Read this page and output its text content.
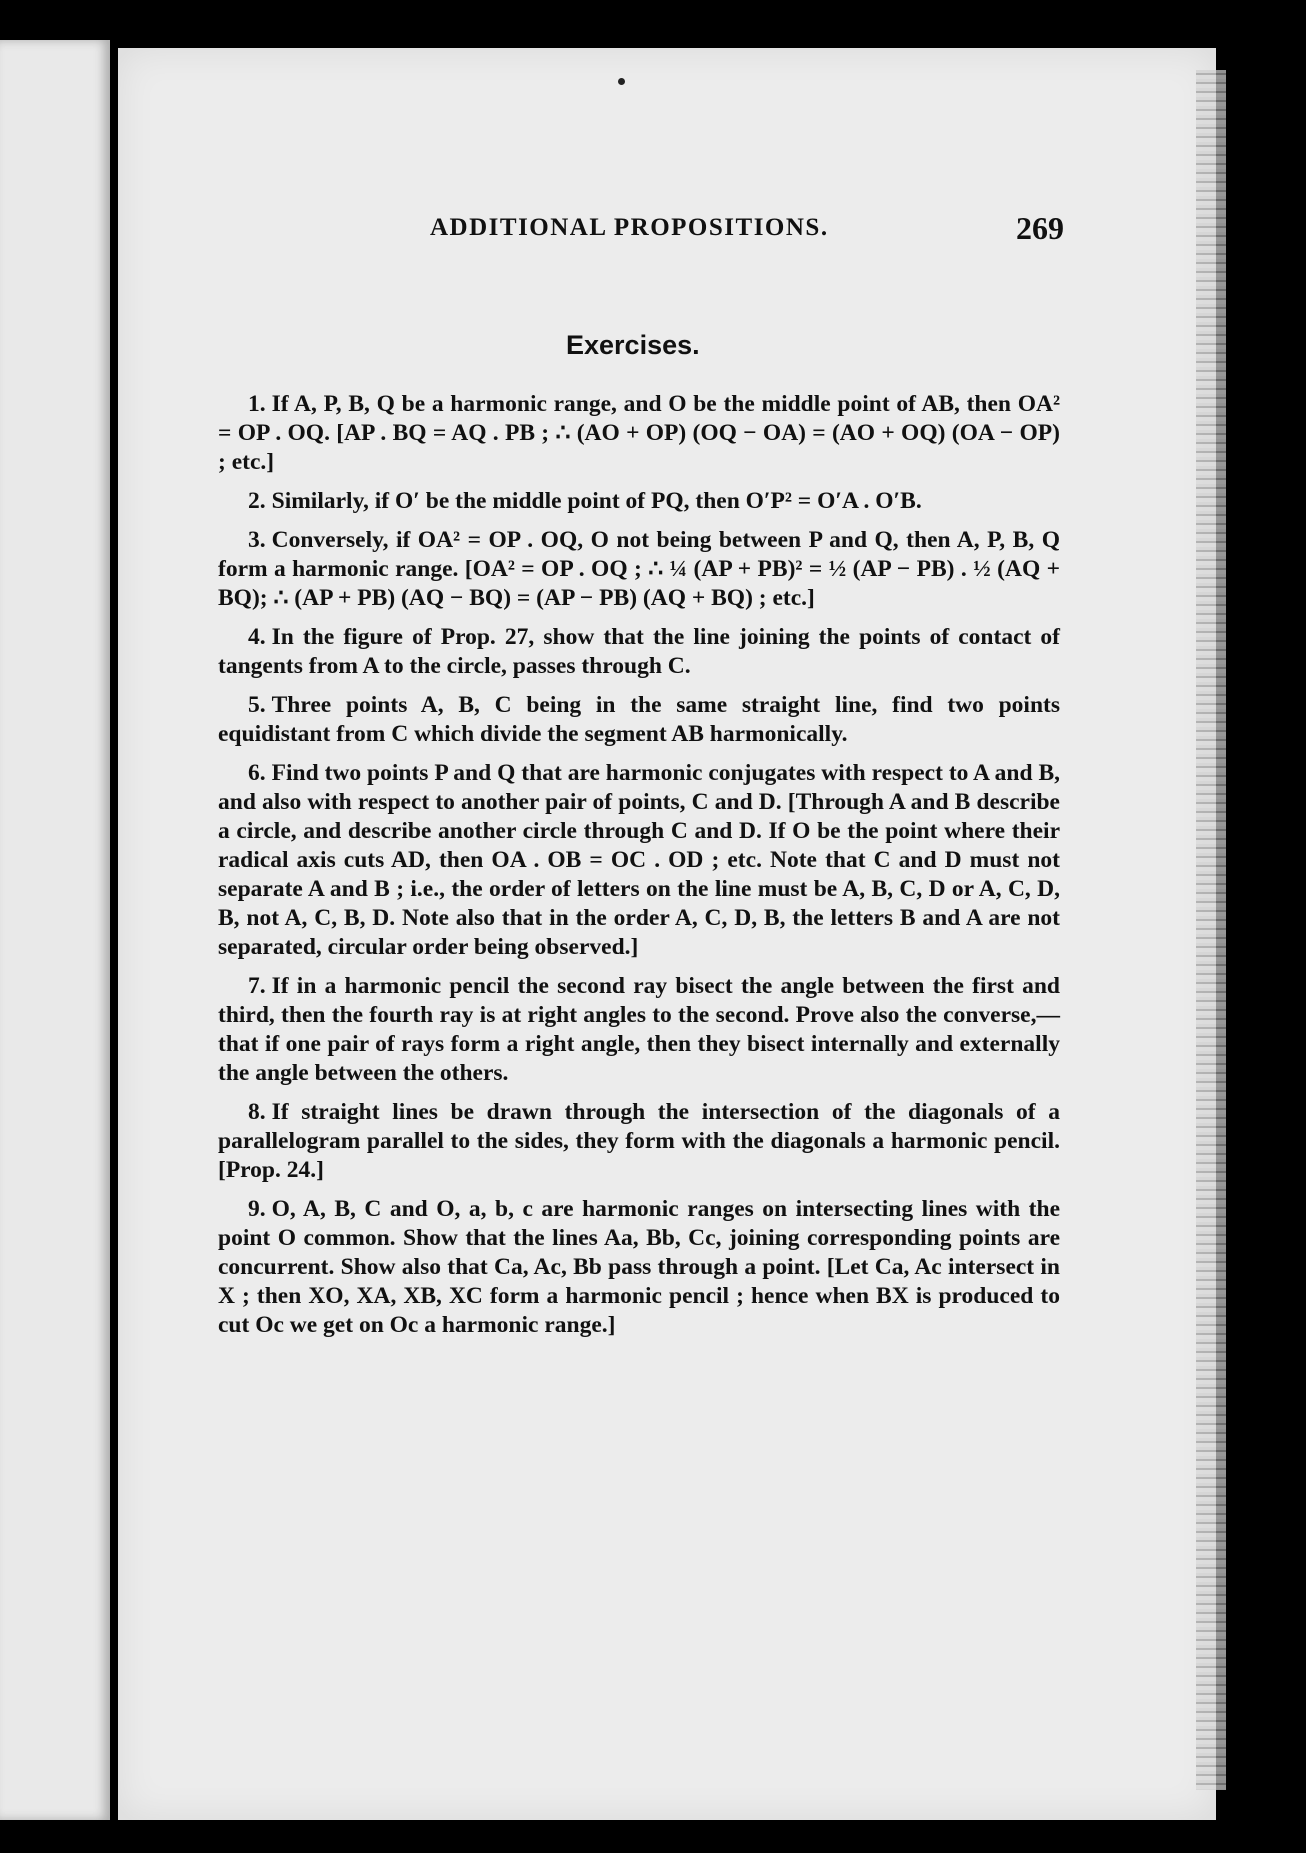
ADDITIONAL PROPOSITIONS.	269
Exercises.

1. If A, P, B, Q be a harmonic range, and O be the middle point of AB, then OA² = OP . OQ. [AP . BQ = AQ . PB ; ∴ (AO + OP) (OQ − OA) = (AO + OQ) (OA − OP) ; etc.]

2. Similarly, if O′ be the middle point of PQ, then O′P² = O′A . O′B.

3. Conversely, if OA² = OP . OQ, O not being between P and Q, then A, P, B, Q form a harmonic range. [OA² = OP . OQ ; ∴ ¼ (AP + PB)² = ½ (AP − PB) . ½ (AQ + BQ); ∴ (AP + PB) (AQ − BQ) = (AP − PB) (AQ + BQ) ; etc.]

4. In the figure of Prop. 27, show that the line joining the points of contact of tangents from A to the circle, passes through C.

5. Three points A, B, C being in the same straight line, find two points equidistant from C which divide the segment AB harmonically.

6. Find two points P and Q that are harmonic conjugates with respect to A and B, and also with respect to another pair of points, C and D. [Through A and B describe a circle, and describe another circle through C and D. If O be the point where their radical axis cuts AD, then OA . OB = OC . OD ; etc. Note that C and D must not separate A and B ; i.e., the order of letters on the line must be A, B, C, D or A, C, D, B, not A, C, B, D. Note also that in the order A, C, D, B, the letters B and A are not separated, circular order being observed.]

7. If in a harmonic pencil the second ray bisect the angle between the first and third, then the fourth ray is at right angles to the second. Prove also the converse,—that if one pair of rays form a right angle, then they bisect internally and externally the angle between the others.

8. If straight lines be drawn through the intersection of the diagonals of a parallelogram parallel to the sides, they form with the diagonals a harmonic pencil. [Prop. 24.]

9. O, A, B, C and O, a, b, c are harmonic ranges on intersecting lines with the point O common. Show that the lines Aa, Bb, Cc, joining corresponding points are concurrent. Show also that Ca, Ac, Bb pass through a point. [Let Ca, Ac intersect in X ; then XO, XA, XB, XC form a harmonic pencil ; hence when BX is produced to cut Oc we get on Oc a harmonic range.]
